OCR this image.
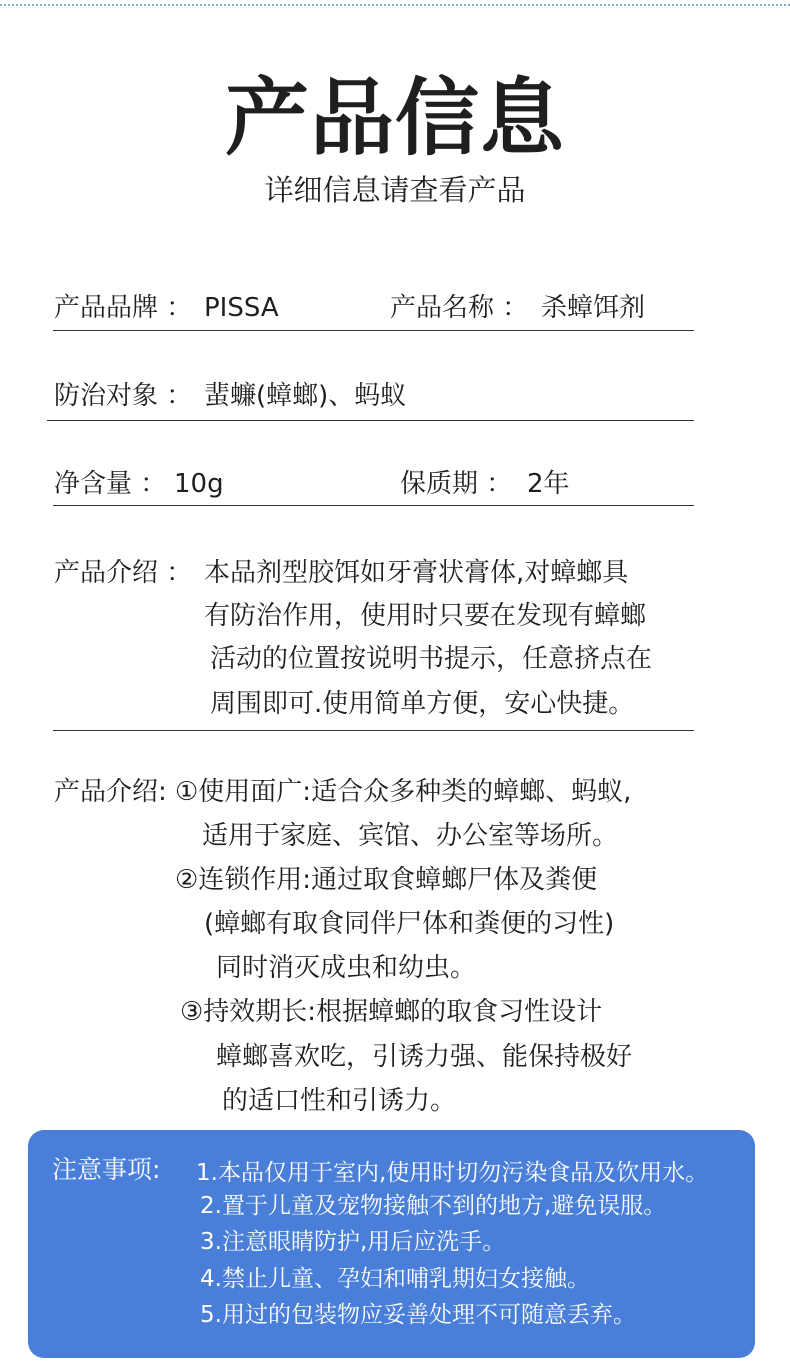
产品信息
详细信息请查看产品
产品品牌 ： PISSA	产品名称 ： 杀蟑饵剂
防治对象 ： 蜚蠊(蟑螂)、蚂蚁
净含量 ： 10g	保质期 ： 2年
产品介绍 ： 本品剂型胶饵如牙膏状膏体,对蟑螂具
有防治作用，使用时只要在发现有蟑螂
活动的位置按说明书提示，任意挤点在
周围即可.使用简单方便，安心快捷。
产品介绍: ①使用面广:适合众多种类的蟑螂、蚂蚁,
适用于家庭、宾馆、办公室等场所。
②连锁作用:通过取食蟑螂尸体及粪便
(蟑螂有取食同伴尸体和粪便的习性)
同时消灭成虫和幼虫。
③持效期长:根据蟑螂的取食习性设计
蟑螂喜欢吃，引诱力强、能保持极好
的适口性和引诱力。
注意事项: 1.本品仅用于室内,使用时切勿污染食品及饮用水。
2.置于儿童及宠物接触不到的地方,避免误服。
3.注意眼睛防护,用后应洗手。
4.禁止儿童、孕妇和哺乳期妇女接触。
5.用过的包装物应妥善处理不可随意丢弃。
